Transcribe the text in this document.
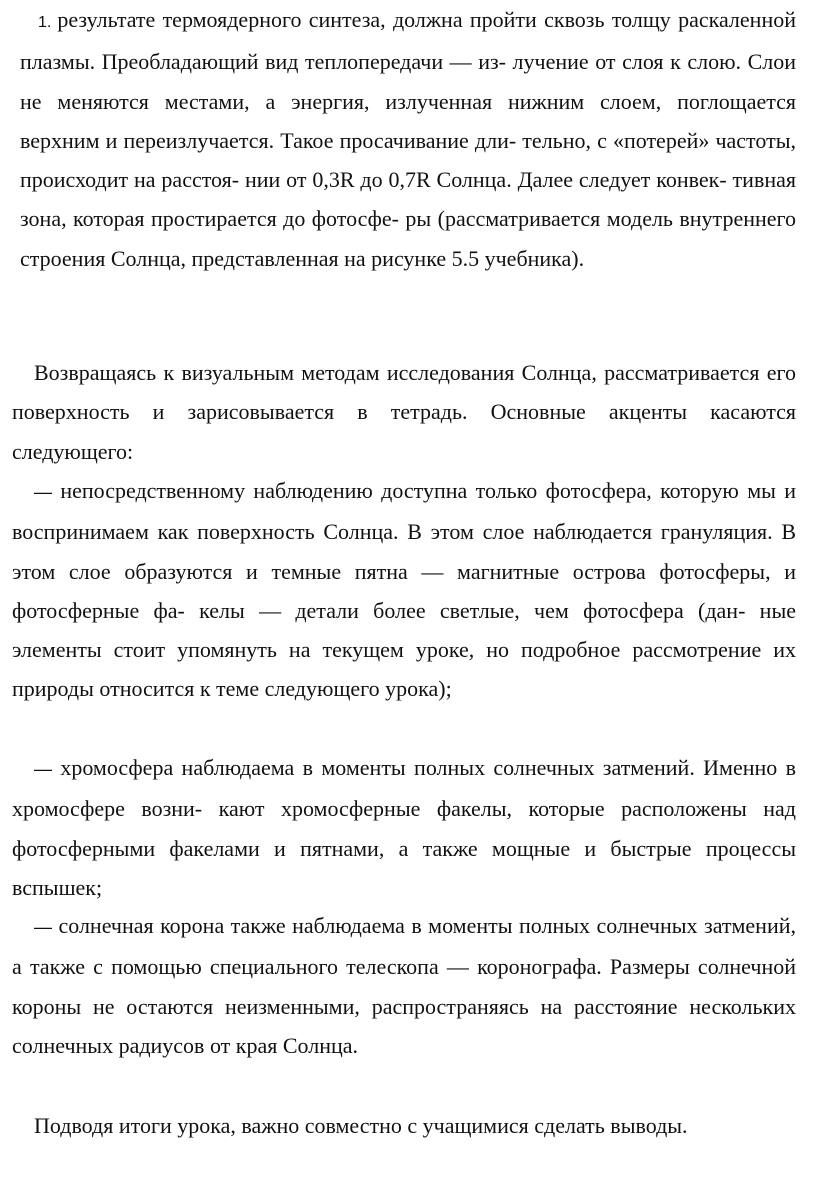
1. результате термоядерного синтеза, должна пройти сквозь толщу раскаленной плазмы. Преобладающий вид теплопередачи — из- лучение от слоя к слою. Слои не меняются местами, а энергия, излученная нижним слоем, поглощается верхним и переизлучается. Такое просачивание дли- тельно, с «потерей» частоты, происходит на расстоя- нии от 0,3R до 0,7R Солнца. Далее следует конвек- тивная зона, которая простирается до фотосфе- ры (рассматривается модель внутреннего строения Солнца, представленная на рисунке 5.5 учебника).

Возвращаясь к визуальным методам исследования Солнца, рассматривается его поверхность и зарисовывается в тетрадь. Основные акценты касаются следующего:

— непосредственному наблюдению доступна только фотосфера, которую мы и воспринимаем как поверхность Солнца. В этом слое наблюдается грануляция. В этом слое образуются и темные пятна — магнитные острова фотосферы, и фотосферные фа- келы — детали более светлые, чем фотосфера (дан- ные элементы стоит упомянуть на текущем уроке, но подробное рассмотрение их природы относится к теме следующего урока);

— хромосфера наблюдаема в моменты полных солнечных затмений. Именно в хромосфере возни- кают хромосферные факелы, которые расположены над фотосферными факелами и пятнами, а также мощные и быстрые процессы вспышек;

— солнечная корона также наблюдаема в моменты полных солнечных затмений, а также с помощью специального телескопа — коронографа. Размеры солнечной короны не остаются неизменными, распространяясь на расстояние нескольких солнечных радиусов от края Солнца.

Подводя итоги урока, важно совместно с учащимися сделать выводы.
